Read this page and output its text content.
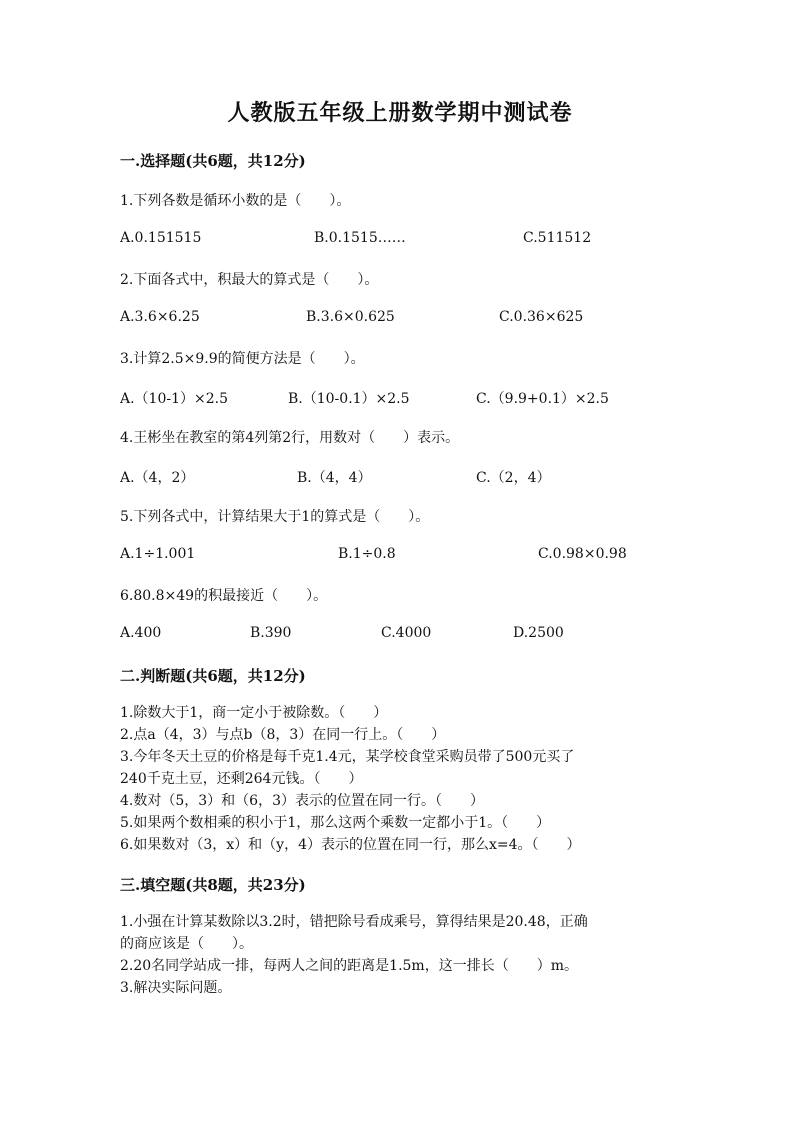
人教版五年级上册数学期中测试卷
一.选择题(共6题，共12分)
1.下列各数是循环小数的是（　　）。
A.0.151515	B.0.1515……	C.511512
2.下面各式中，积最大的算式是（　　）。
A.3.6×6.25	B.3.6×0.625	C.0.36×625
3.计算2.5×9.9的简便方法是（　　）。
A.（10-1）×2.5	B.（10-0.1）×2.5	C.（9.9+0.1）×2.5
4.王彬坐在教室的第4列第2行，用数对（　　）表示。
A.（4，2）	B.（4，4）	C.（2，4）
5.下列各式中，计算结果大于1的算式是（　　）。
A.1÷1.001	B.1÷0.8	C.0.98×0.98
6.80.8×49的积最接近（　　）。
A.400	B.390	C.4000	D.2500
二.判断题(共6题，共12分)
1.除数大于1，商一定小于被除数。（　　）
2.点a（4，3）与点b（8，3）在同一行上。（　　）
3.今年冬天土豆的价格是每千克1.4元，某学校食堂采购员带了500元买了
240千克土豆，还剩264元钱。（　　）
4.数对（5，3）和（6，3）表示的位置在同一行。（　　）
5.如果两个数相乘的积小于1，那么这两个乘数一定都小于1。（　　）
6.如果数对（3，x）和（y，4）表示的位置在同一行，那么x=4。（　　）
三.填空题(共8题，共23分)
1.小强在计算某数除以3.2时，错把除号看成乘号，算得结果是20.48，正确
的商应该是（　　）。
2.20名同学站成一排，每两人之间的距离是1.5m，这一排长（　　）m。
3.解决实际问题。
